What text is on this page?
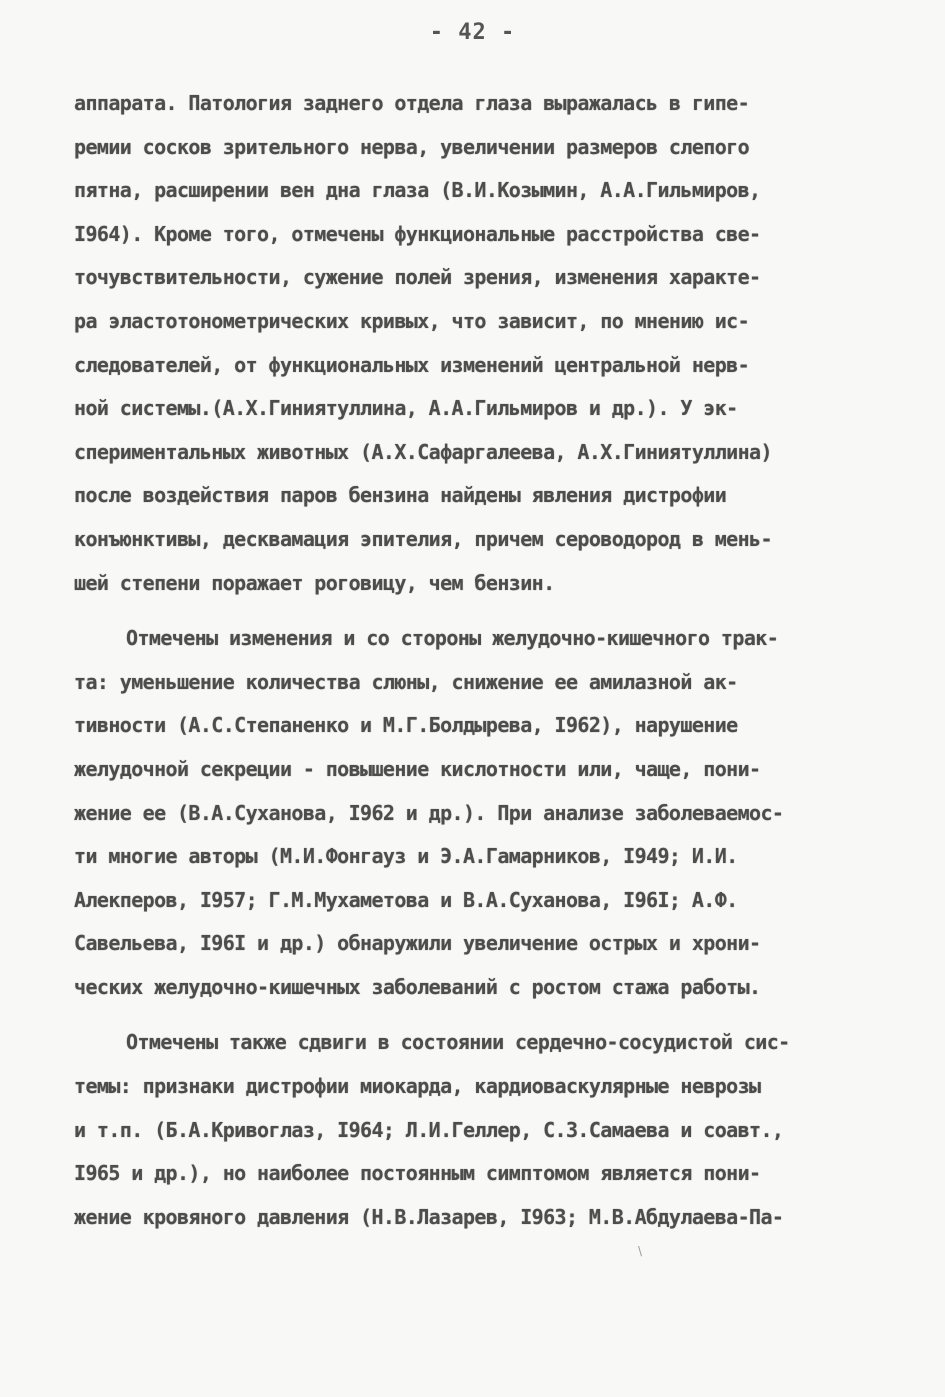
- 42 -
аппарата. Патология заднего отдела глаза выражалась в гипе-
ремии сосков зрительного нерва, увеличении размеров слепого
пятна, расширении вен дна глаза (В.И.Козымин, А.А.Гильмиров,
I964). Кроме того, отмечены функциональные расстройства све-
точувствительности, сужение полей зрения, изменения характе-
ра эластотонометрических кривых, что зависит, по мнению ис-
следователей, от функциональных изменений центральной нерв-
ной системы.(А.Х.Гиниятуллина, А.А.Гильмиров и др.). У эк-
спериментальных животных (А.Х.Сафаргалеева, А.Х.Гиниятуллина)
после воздействия паров бензина найдены явления дистрофии
конъюнктивы, десквамация эпителия, причем сероводород в мень-
шей степени поражает роговицу, чем бензин.
Отмечены изменения и со стороны желудочно-кишечного трак-
та: уменьшение количества слюны, снижение ее амилазной ак-
тивности (А.С.Степаненко и М.Г.Болдырева, I962), нарушение
желудочной секреции - повышение кислотности или, чаще, пони-
жение ее (В.А.Суханова, I962 и др.). При анализе заболеваемос-
ти многие авторы (М.И.Фонгауз и Э.А.Гамарников, I949; И.И.
Алекперов, I957; Г.М.Мухаметова и В.А.Суханова, I96I; А.Ф.
Савельева, I96I и др.) обнаружили увеличение острых и хрони-
ческих желудочно-кишечных заболеваний с ростом стажа работы.
Отмечены также сдвиги в состоянии сердечно-сосудистой сис-
темы: признаки дистрофии миокарда, кардиоваскулярные неврозы
и т.п. (Б.А.Кривоглаз, I964; Л.И.Геллер, С.З.Самаева и соавт.,
I965 и др.), но наиболее постоянным симптомом является пони-
жение кровяного давления (Н.В.Лазарев, I963; М.В.Абдулаева-Па-
\
